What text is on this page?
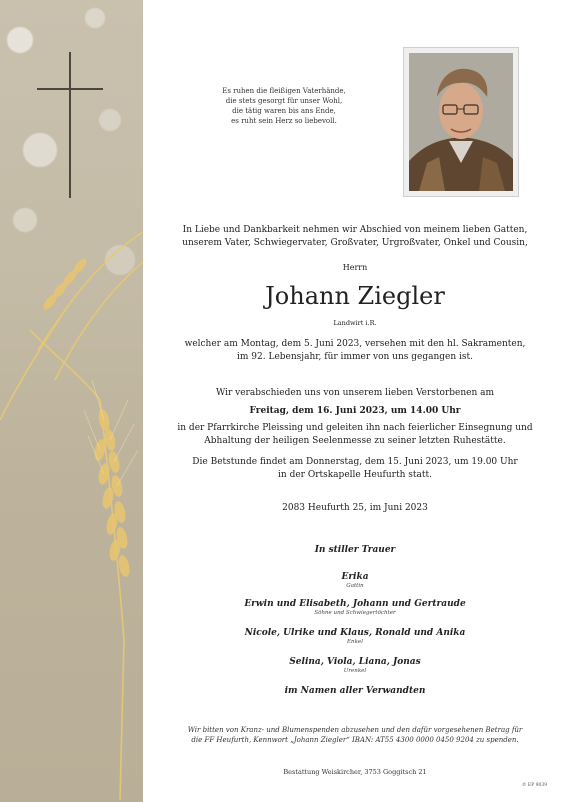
Es ruhen die fleißigen Vaterhände,
die stets gesorgt für unser Wohl,
die tätig waren bis ans Ende,
es ruht sein Herz so liebevoll.
In Liebe und Dankbarkeit nehmen wir Abschied von meinem lieben Gatten,
unserem Vater, Schwiegervater, Großvater, Urgroßvater, Onkel und Cousin,
Herrn
Johann Ziegler
Landwirt i.R.
welcher am Montag, dem 5. Juni 2023, versehen mit den hl. Sakramenten,
im 92. Lebensjahr, für immer von uns gegangen ist.
Wir verabschieden uns von unserem lieben Verstorbenen am
Freitag, dem 16. Juni 2023, um 14.00 Uhr
in der Pfarrkirche Pleissing und geleiten ihn nach feierlicher Einsegnung und
Abhaltung der heiligen Seelenmesse zu seiner letzten Ruhestätte.
Die Betstunde findet am Donnerstag, dem 15. Juni 2023, um 19.00 Uhr
in der Ortskapelle Heufurth statt.
2083 Heufurth 25, im Juni 2023
In stiller Trauer
Erika
Gattin
Erwin und Elisabeth, Johann und Gertraude
Söhne und Schwiegertöchter
Nicole, Ulrike und Klaus, Ronald und Anika
Enkel
Selina, Viola, Liana, Jonas
Urenkel
im Namen aller Verwandten
Wir bitten von Kranz- und Blumenspenden abzusehen und den dafür vorgesehenen Betrag für
die FF Heufurth, Kennwort „Johann Ziegler“ IBAN: AT55 4300 0000 0450 9204 zu spenden.
Bestattung Weiskircher, 3753 Goggitsch 21
© EP 9039
